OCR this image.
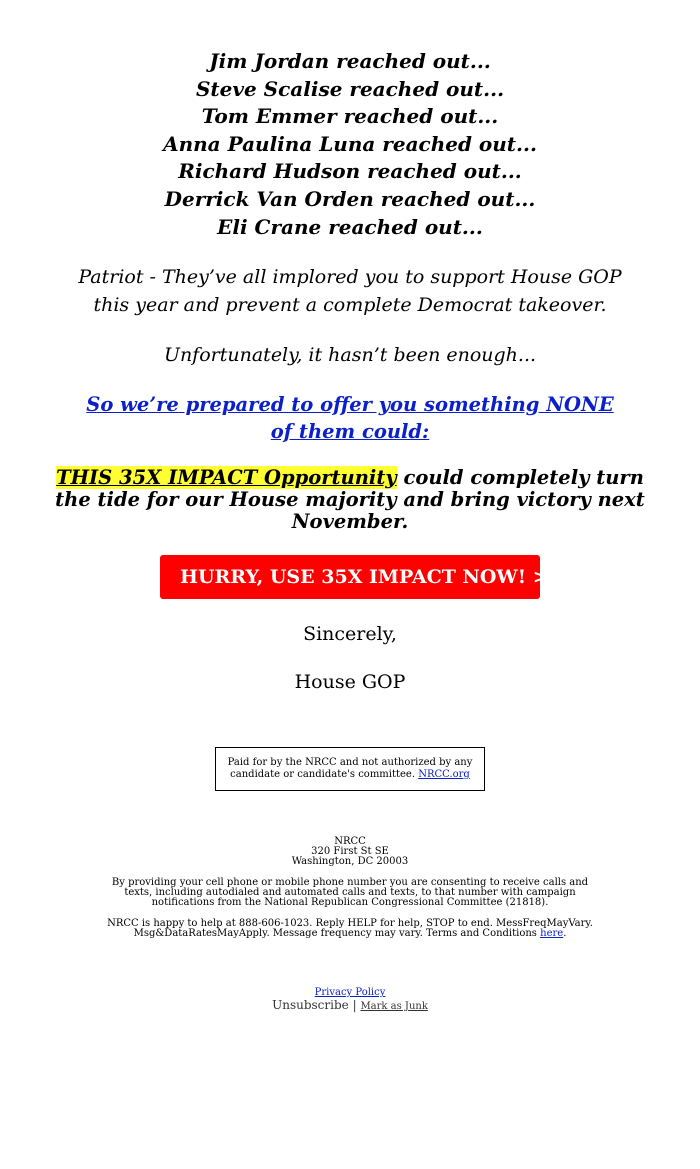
Jim Jordan reached out...
Steve Scalise reached out...
Tom Emmer reached out...
Anna Paulina Luna reached out...
Richard Hudson reached out...
Derrick Van Orden reached out...
Eli Crane reached out...

Patriot - They’ve all implored you to support House GOP this year and prevent a complete Democrat takeover.

Unfortunately, it hasn’t been enough...

So we’re prepared to offer you something NONE of them could:
THIS 35X IMPACT Opportunity could completely turn the tide for our House majority and bring victory next November.
HURRY, USE 35X IMPACT NOW! >>
Sincerely,
House GOP
Paid for by the NRCC and not authorized by any candidate or candidate's committee. NRCC.org
NRCC
320 First St SE
Washington, DC 20003
By providing your cell phone or mobile phone number you are consenting to receive calls and texts, including autodialed and automated calls and texts, to that number with campaign notifications from the National Republican Congressional Committee (21818).
NRCC is happy to help at 888-606-1023. Reply HELP for help, STOP to end. MessFreqMayVary. Msg&DataRatesMayApply. Message frequency may vary. Terms and Conditions here.
Privacy Policy
Unsubscribe | Mark as Junk
